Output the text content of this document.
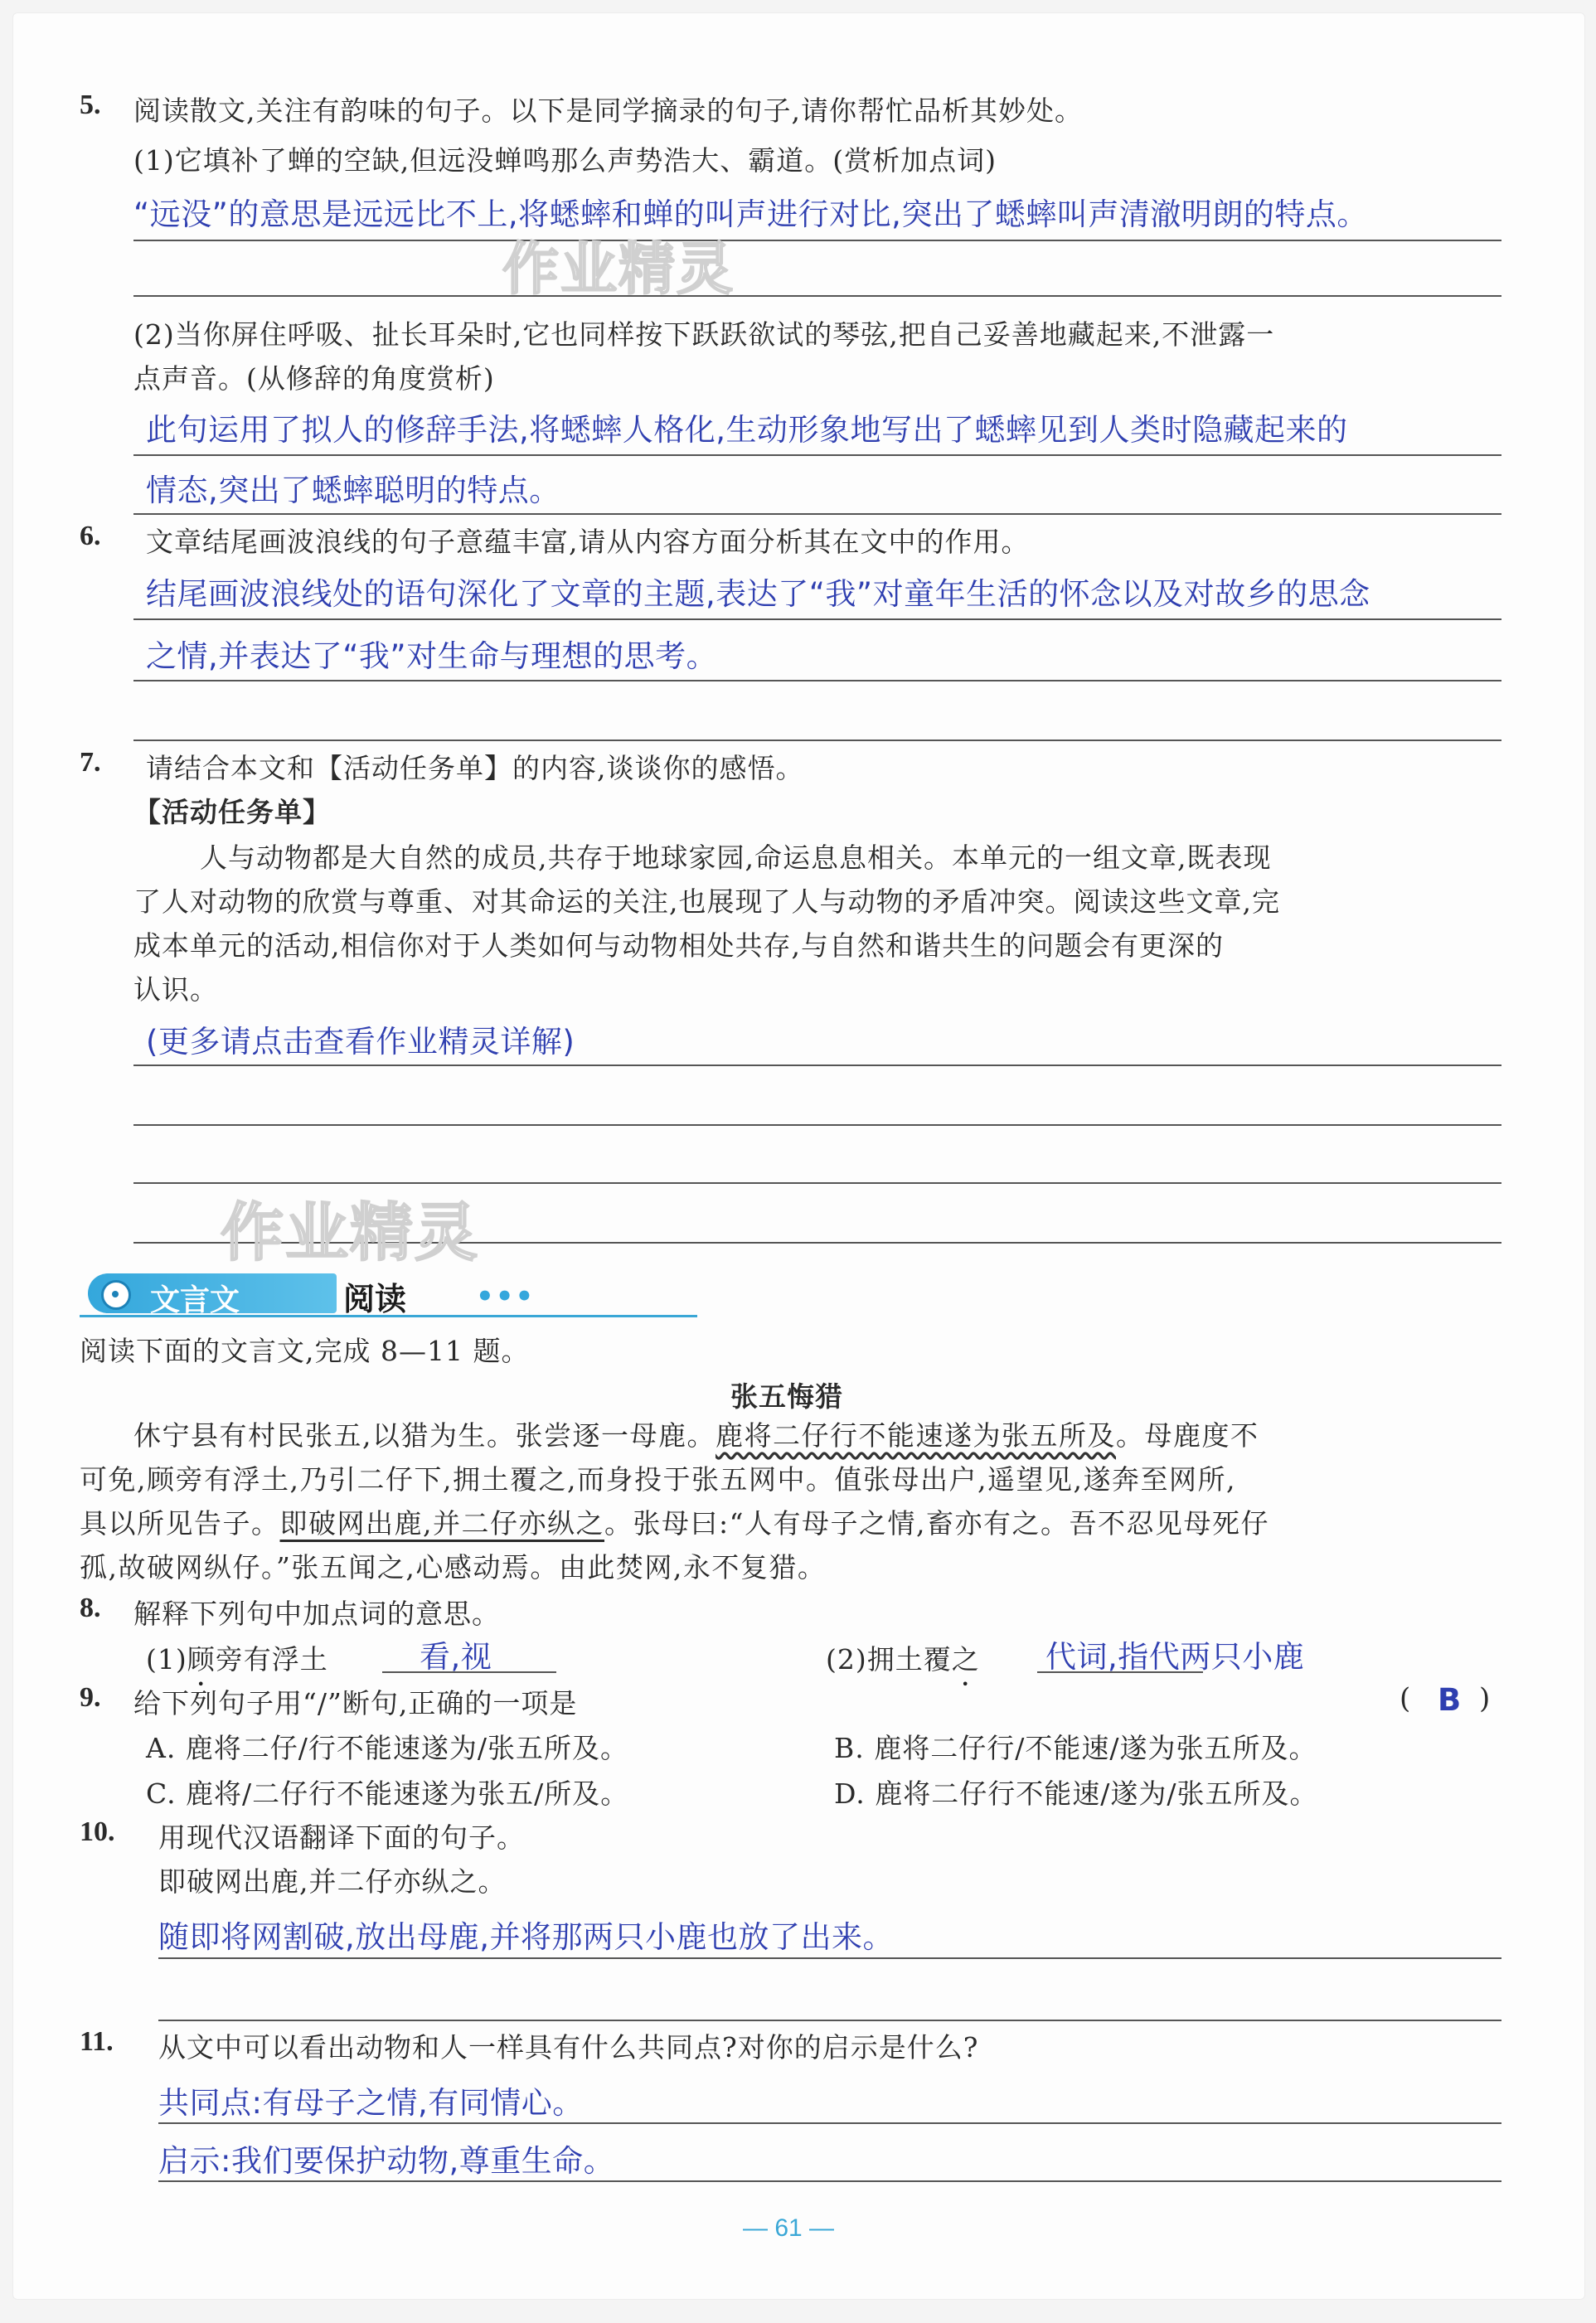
5. 阅读散文,关注有韵味的句子。以下是同学摘录的句子,请你帮忙品析其妙处。
(1)它填补了蝉的空缺,但远没蝉鸣那么声势浩大、霸道。(赏析加点词)
“远没”的意思是远远比不上,将蟋蟀和蝉的叫声进行对比,突出了蟋蟀叫声清澈明朗的特点。
作业精灵
(2)当你屏住呼吸、扯长耳朵时,它也同样按下跃跃欲试的琴弦,把自己妥善地藏起来,不泄露一
点声音。(从修辞的角度赏析)
此句运用了拟人的修辞手法,将蟋蟀人格化,生动形象地写出了蟋蟀见到人类时隐藏起来的
情态,突出了蟋蟀聪明的特点。
6. 文章结尾画波浪线的句子意蕴丰富,请从内容方面分析其在文中的作用。
结尾画波浪线处的语句深化了文章的主题,表达了“我”对童年生活的怀念以及对故乡的思念
之情,并表达了“我”对生命与理想的思考。
7. 请结合本文和【活动任务单】的内容,谈谈你的感悟。
【活动任务单】
人与动物都是大自然的成员,共存于地球家园,命运息息相关。本单元的一组文章,既表现
了人对动物的欣赏与尊重、对其命运的关注,也展现了人与动物的矛盾冲突。阅读这些文章,完
成本单元的活动,相信你对于人类如何与动物相处共存,与自然和谐共生的问题会有更深的
认识。
(更多请点击查看作业精灵详解)
作业精灵
文言文	阅读 •••
阅读下面的文言文,完成 8—11 题。
张五悔猎
休宁县有村民张五,以猎为生。张尝逐一母鹿。鹿将二仔行不能速遂为张五所及。母鹿度不
可免,顾旁有浮土,乃引二仔下,拥土覆之,而身投于张五网中。值张母出户,遥望见,遂奔至网所,
具以所见告子。即破网出鹿,并二仔亦纵之。张母曰:“人有母子之情,畜亦有之。吾不忍见母死仔
孤,故破网纵仔。”张五闻之,心感动焉。由此焚网,永不复猎。
8. 解释下列句中加点词的意思。
(1)顾旁有浮土	看,视	(2)拥土覆之 代词,指代两只小鹿
9. 给下列句子用“/”断句,正确的一项是	( B )
A. 鹿将二仔/行不能速遂为/张五所及。	B. 鹿将二仔行/不能速/遂为张五所及。
C. 鹿将/二仔行不能速遂为张五/所及。	D. 鹿将二仔行不能速/遂为/张五所及。
10. 用现代汉语翻译下面的句子。
即破网出鹿,并二仔亦纵之。
随即将网割破,放出母鹿,并将那两只小鹿也放了出来。
11. 从文中可以看出动物和人一样具有什么共同点?对你的启示是什么?
共同点:有母子之情,有同情心。
启示:我们要保护动物,尊重生命。
— 61 —
